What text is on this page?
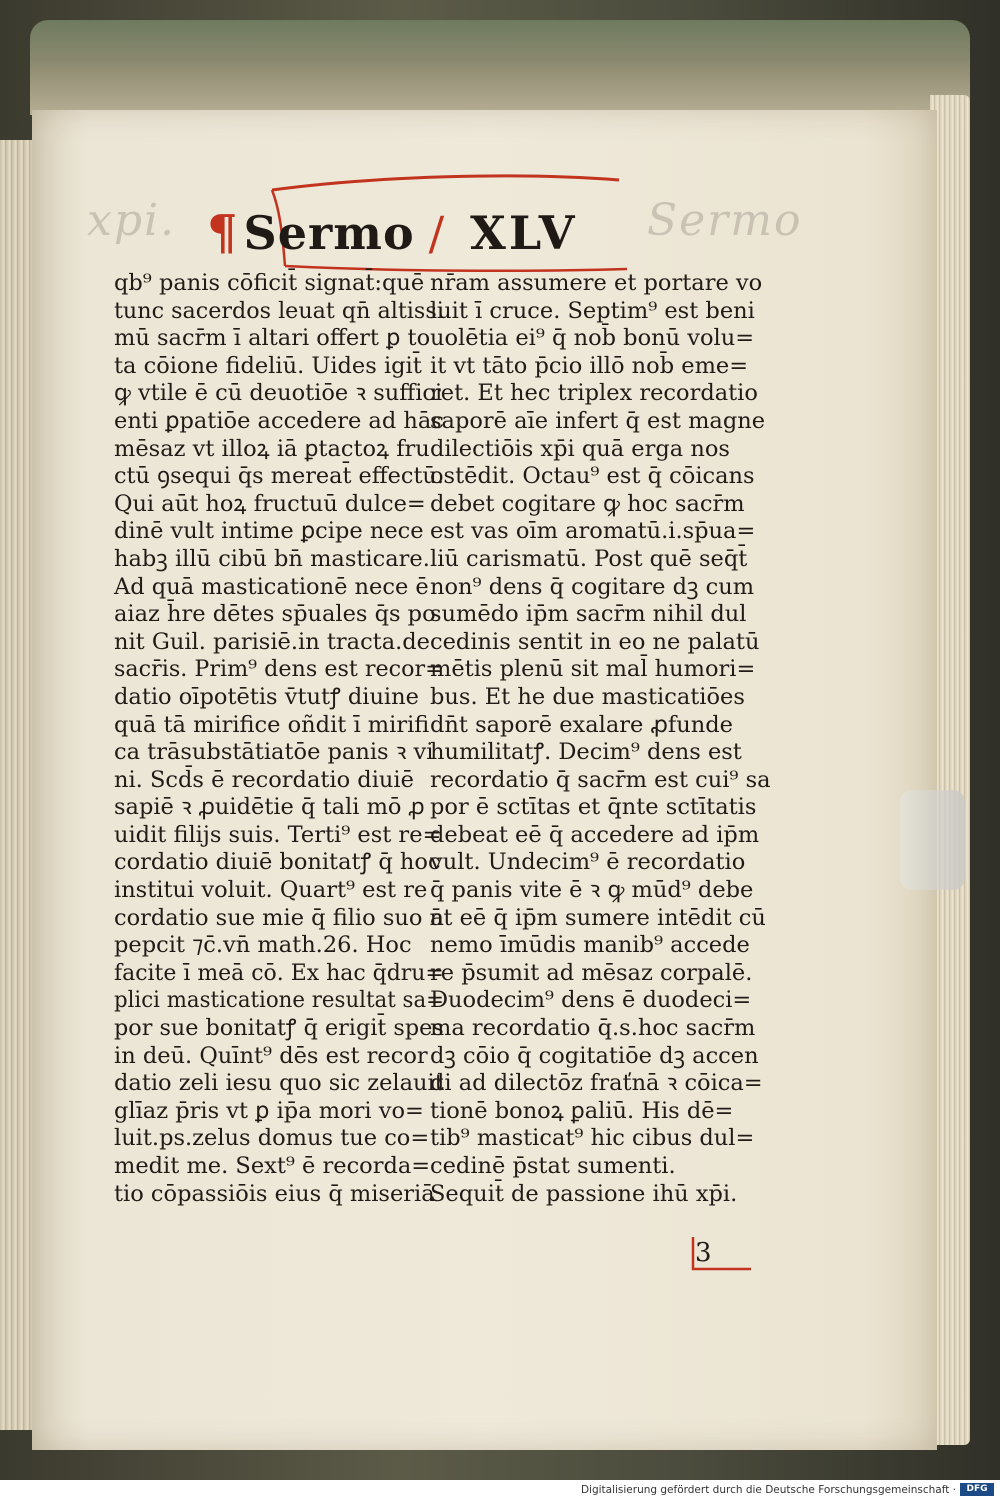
xpi.	Sermo
¶ Sermo / XLV
qb⁹ panis cōficit̄ signat̄:quē
tunc sacerdos leuat qn̄ altissi
mū sacr̄m ī altari offert ꝑ to
ta cōione fideliū. Uides igit̄
ꝙ vtile ē cū deuotiōe ꝛ suffici
enti ꝑpatiōe accedere ad hāc
mēsaz vt illoꝝ iā ꝑtactoꝝ fru
ctū ꝯsequi q̄s mereat̄ effectū.
Qui aūt hoꝝ fructuū dulce=
dinē vult intime ꝑcipe nece
habꝫ illū cibū bn̄ masticare.
Ad quā masticationē nece ē
aiaz h̄re dētes sp̄uales q̄s po
nit Guil. parisiē.in tracta.de
sacr̄is. Prim⁹ dens est recor=
datio oīpotētis v̄tutꝭ diuine
quā tā mirifice oñdit ī mirifi
ca trāsubstātiatōe panis ꝛ vi
ni. Scd̄s ē recordatio diuiē
sapiē ꝛ ꝓuidētie q̄ tali mō ꝓ
uidit filijs suis. Terti⁹ est re=
cordatio diuiē bonitatꝭ q̄ hoc
institui voluit. Quart⁹ est re
cordatio sue mie q̄ filio suo n̄
pepcit ⁊c̄.vn̄ math.26. Hoc
facite ī meā cō. Ex hac q̄dru=
plici masticatione resultat sa=
por sue bonitatꝭ q̄ erigit̄ spes
in deū. Quīnt⁹ dēs est recor
datio zeli iesu quo sic zelauit
glīaz p̄ris vt ꝑ ip̄a mori vo=
luit.ps.zelus domus tue co=
medit me. Sext⁹ ē recorda=
tio cōpassiōis eius q̄ miseriā
nr̄am assumere et portare vo
luit ī cruce. Septim⁹ est beni
uolētia ei⁹ q̄ nob̄ bonū volu=
it vt tāto p̄cio illō nob̄ eme=
ret. Et hec triplex recordatio
saporē aīe infert q̄ est magne
dilectiōis xp̄i quā erga nos
ostēdit. Octau⁹ est q̄ cōicans
debet cogitare ꝙ hoc sacr̄m
est vas oīm aromatū.i.sp̄ua=
liū carismatū. Post quē seq̄t̄
non⁹ dens q̄ cogitare dꝫ cum
sumēdo ip̄m sacr̄m nihil dul
cedinis sentit in eo ne palatū
mētis plenū sit mal̄ humori=
bus. Et he due masticatiōes
dn̄t saporē exalare ꝓfunde
humilitatꝭ. Decim⁹ dens est
recordatio q̄ sacr̄m est cui⁹ sa
por ē sctītas et q̄nte sctītatis
debeat eē q̄ accedere ad ip̄m
vult. Undecim⁹ ē recordatio
q̄ panis vite ē ꝛ ꝙ mūd⁹ debe
at eē q̄ ip̄m sumere intēdit cū
nemo īmūdis manib⁹ accede
re p̄sumit ad mēsaz corpalē.
Duodecim⁹ dens ē duodeci=
ma recordatio q̄.s.hoc sacr̄m
dꝫ cōio q̄ cogitatiōe dꝫ accen
di ad dilectōz fraťnā ꝛ cōica=
tionē bonoꝝ ꝑaliū. His dē=
tib⁹ masticat⁹ hic cibus dul=
cedinē p̄stat sumenti.
Sequit̄ de passione ihū xp̄i.
3
Digitalisierung gefördert durch die Deutsche Forschungsgemeinschaft ·	DFG
